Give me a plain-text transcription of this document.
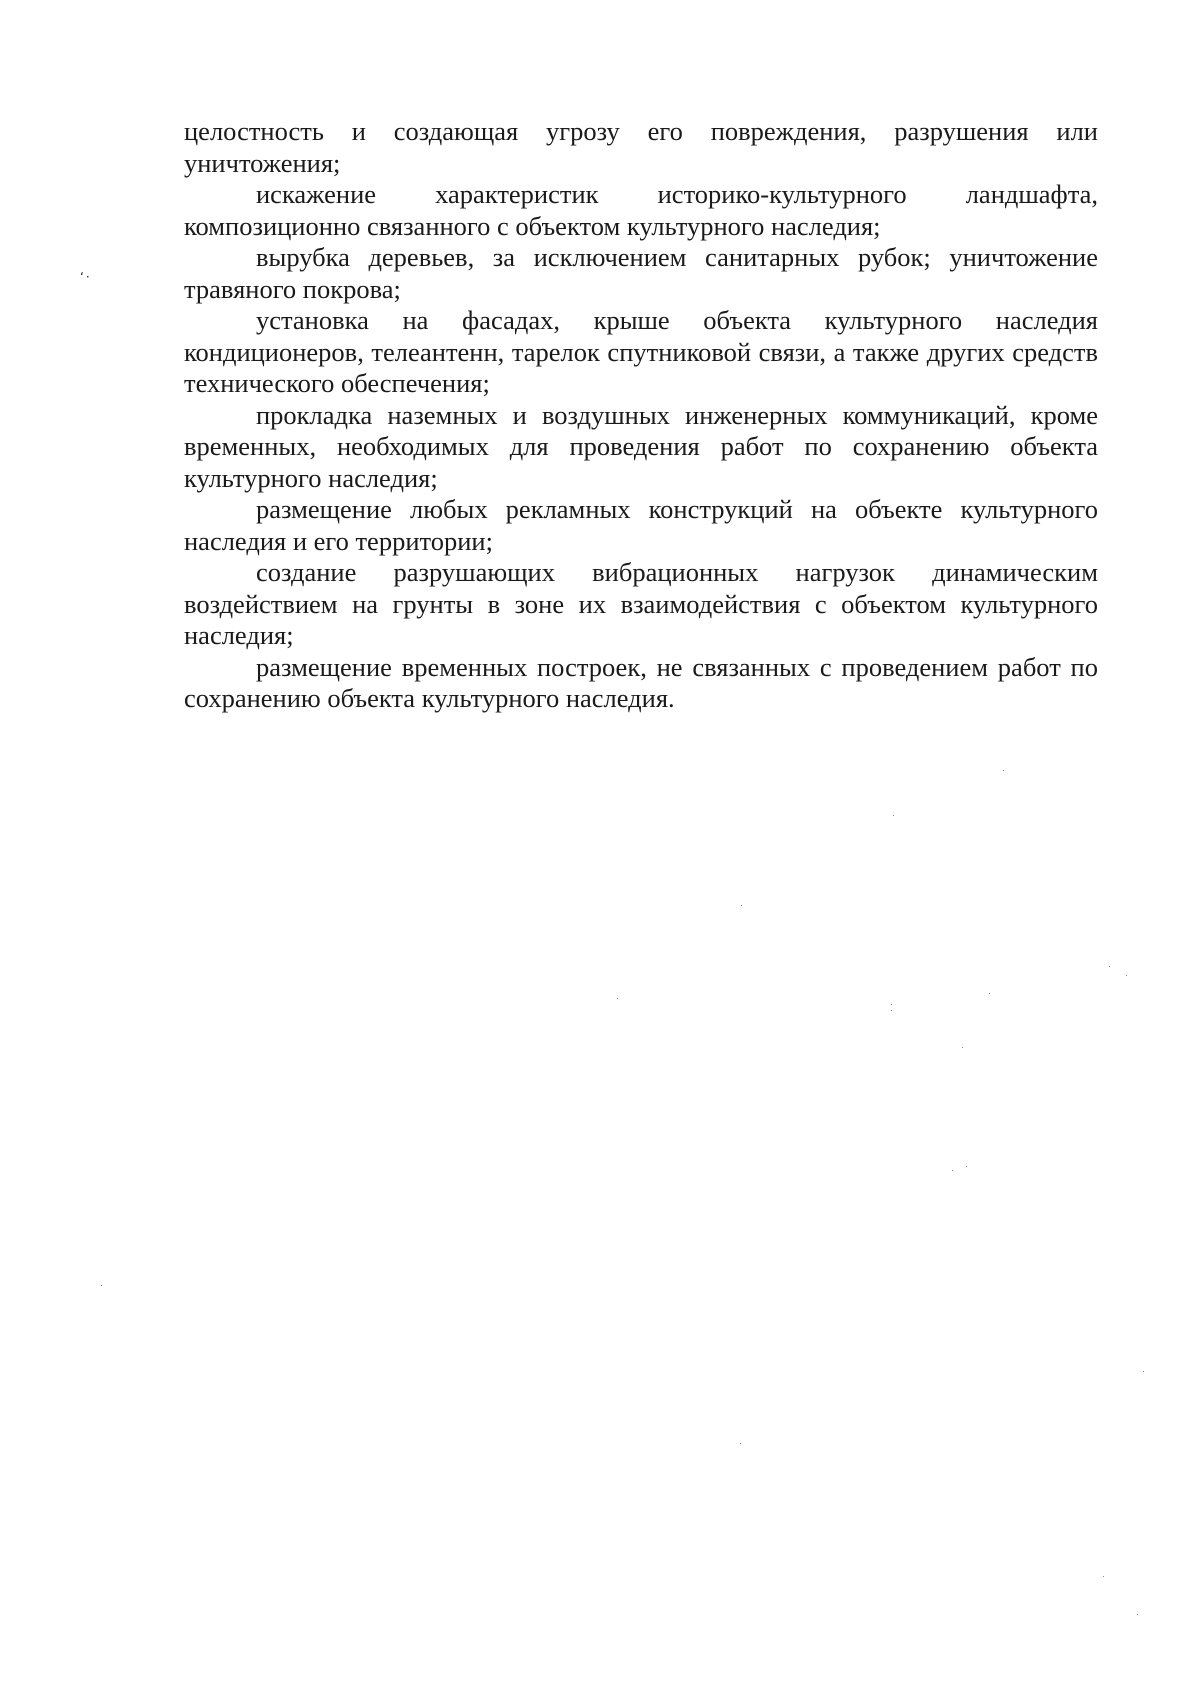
‘·

целостность и создающая угрозу его повреждения, разрушения или уничтожения;

искажение характеристик историко-культурного ландшафта, композиционно связанного с объектом культурного наследия;

вырубка деревьев, за исключением санитарных рубок; уничтожение травяного покрова;

установка на фасадах, крыше объекта культурного наследия кондиционеров, телеантенн, тарелок спутниковой связи, а также других средств технического обеспечения;

прокладка наземных и воздушных инженерных коммуникаций, кроме временных, необходимых для проведения работ по сохранению объекта культурного наследия;

размещение любых рекламных конструкций на объекте культурного наследия и его территории;

создание разрушающих вибрационных нагрузок динамическим воздействием на грунты в зоне их взаимодействия с объектом культурного наследия;

размещение временных построек, не связанных с проведением работ по сохранению объекта культурного наследия.
